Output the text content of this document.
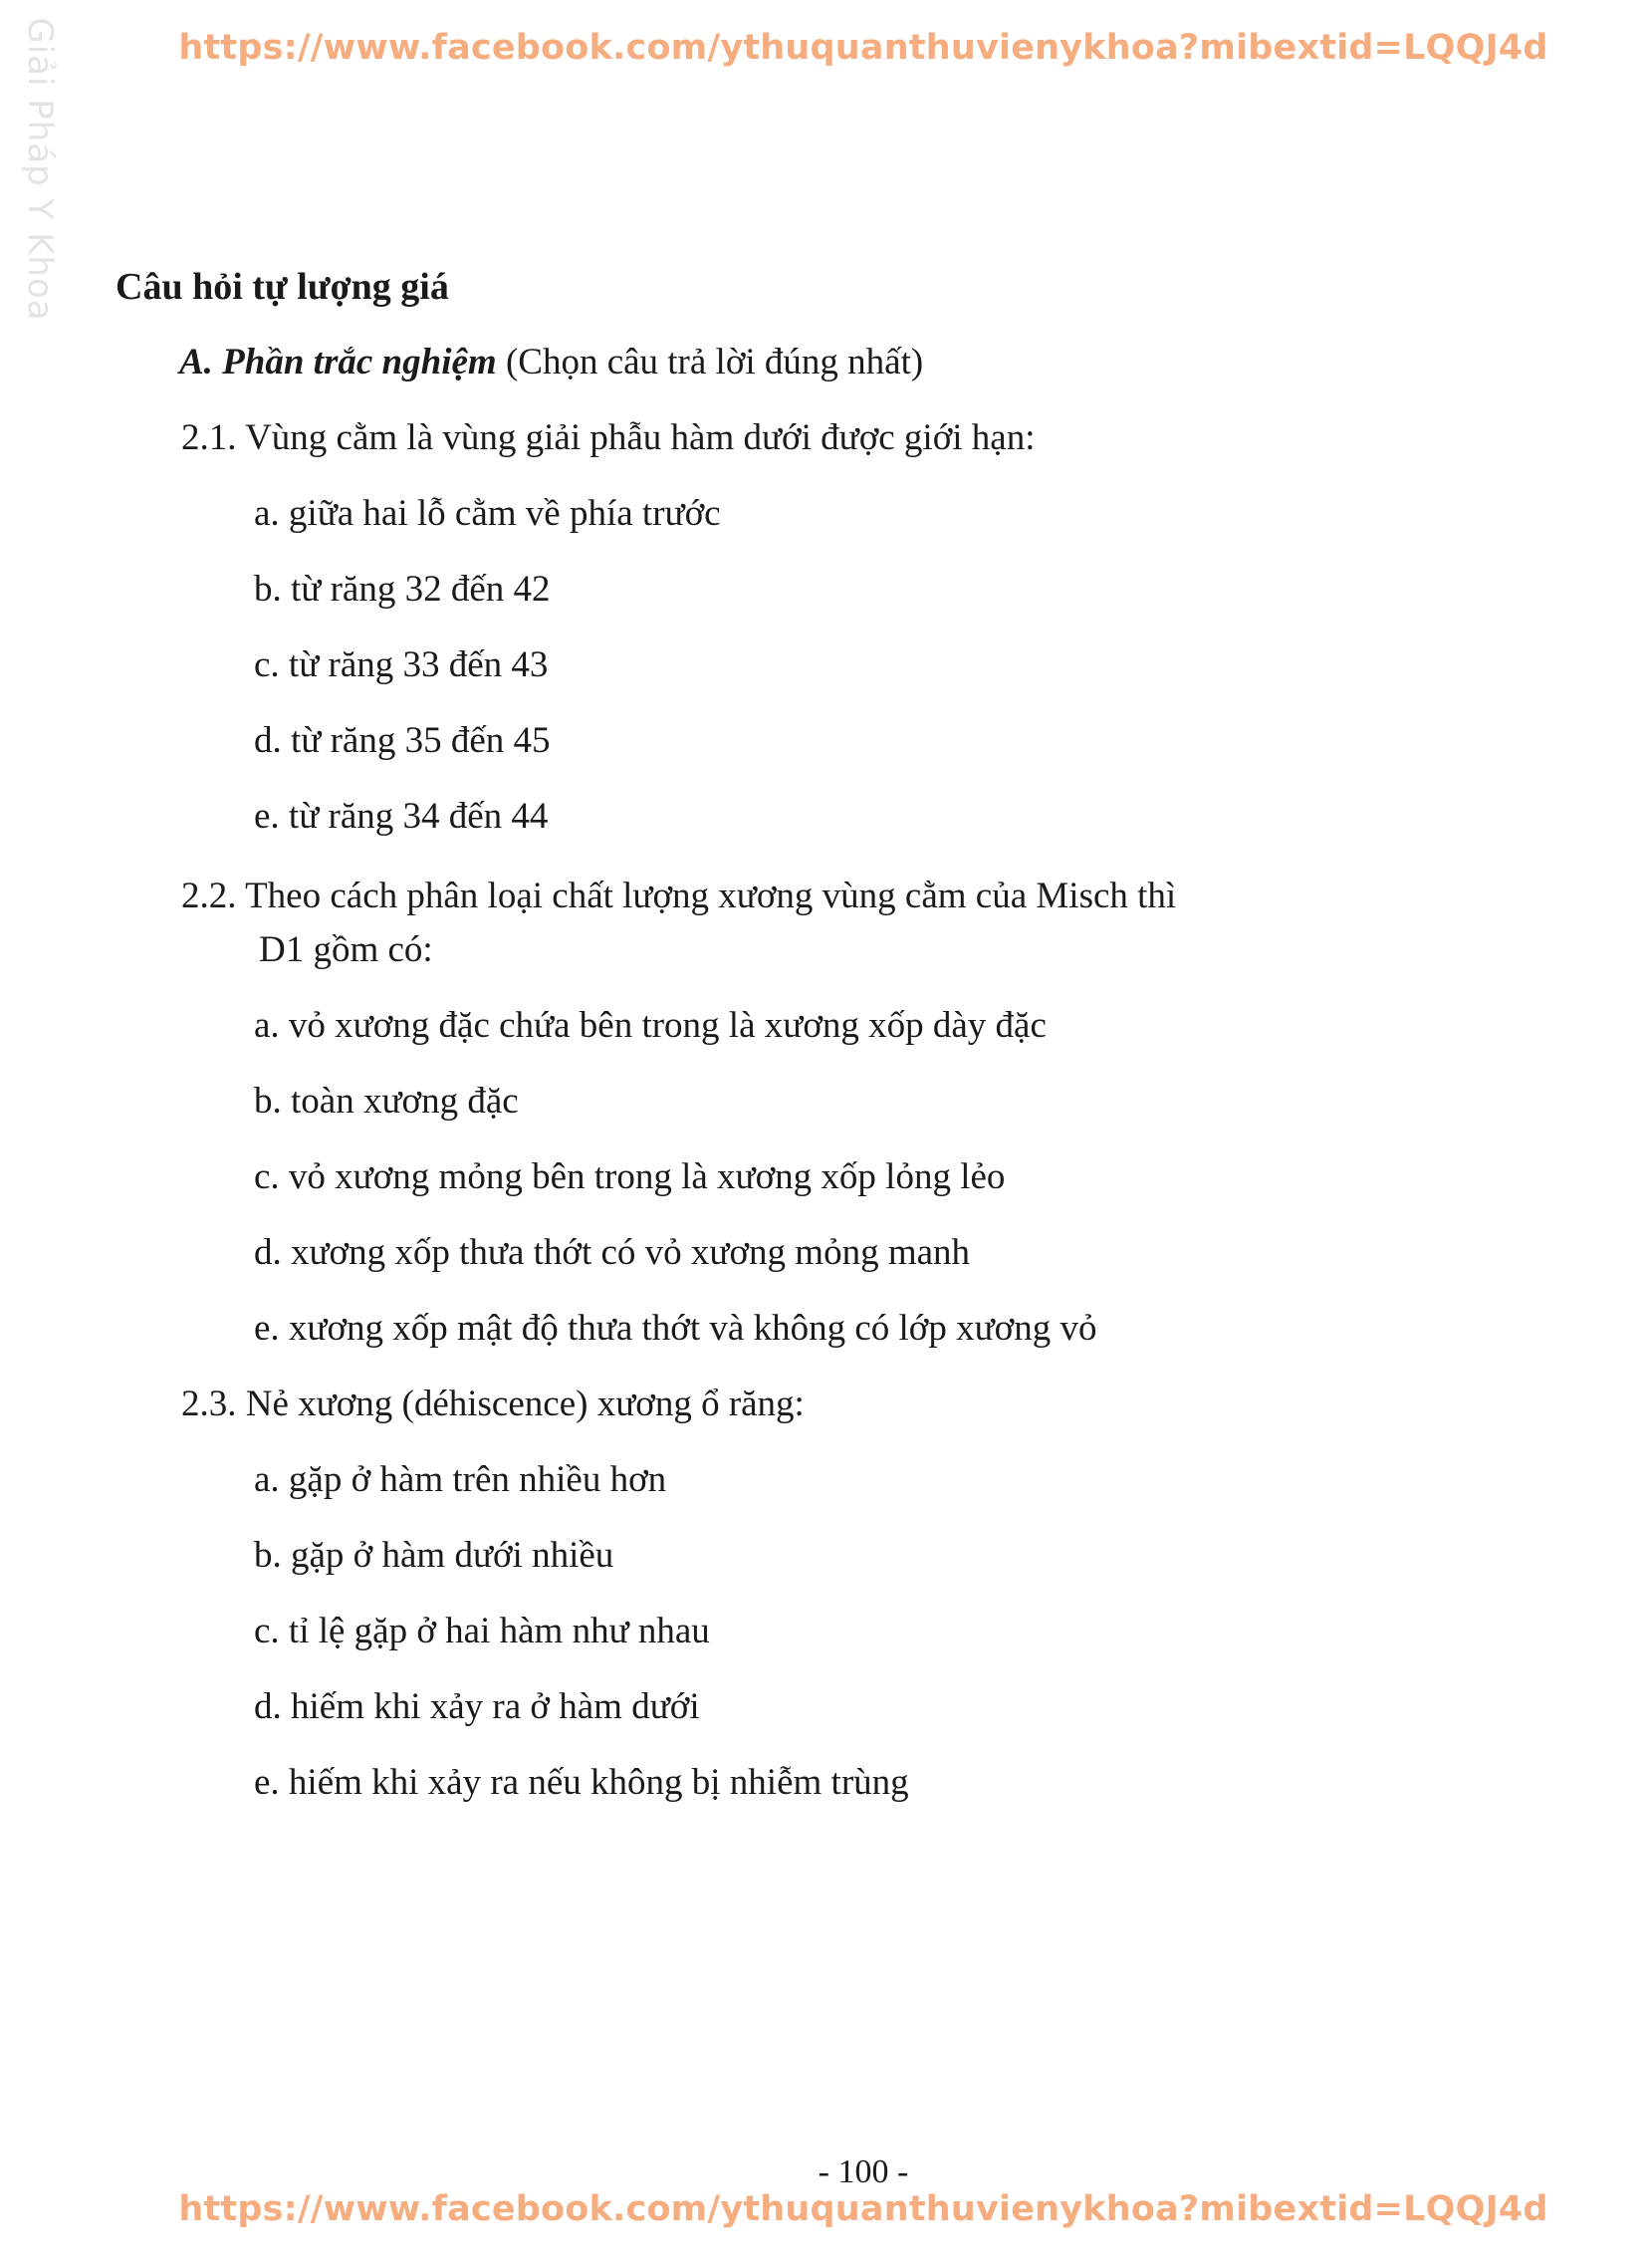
https://www.facebook.com/ythuquanthuvienykhoa?mibextid=LQQJ4d
Giải Pháp Y Khoa Câu hỏi tự lượng giá
A. Phần trắc nghiệm (Chọn câu trả lời đúng nhất)
2.1. Vùng cằm là vùng giải phẫu hàm dưới được giới hạn:
a. giữa hai lỗ cằm về phía trước
b. từ răng 32 đến 42
c. từ răng 33 đến 43
d. từ răng 35 đến 45
e. từ răng 34 đến 44
2.2. Theo cách phân loại chất lượng xương vùng cằm của Misch thì
D1 gồm có:
a. vỏ xương đặc chứa bên trong là xương xốp dày đặc
b. toàn xương đặc
c. vỏ xương mỏng bên trong là xương xốp lỏng lẻo
d. xương xốp thưa thớt có vỏ xương mỏng manh
e. xương xốp mật độ thưa thớt và không có lớp xương vỏ
2.3. Nẻ xương (déhiscence) xương ổ răng:
a. gặp ở hàm trên nhiều hơn
b. gặp ở hàm dưới nhiều
c. tỉ lệ gặp ở hai hàm như nhau
d. hiếm khi xảy ra ở hàm dưới
e. hiếm khi xảy ra nếu không bị nhiễm trùng
- 100 -
https://www.facebook.com/ythuquanthuvienykhoa?mibextid=LQQJ4d
